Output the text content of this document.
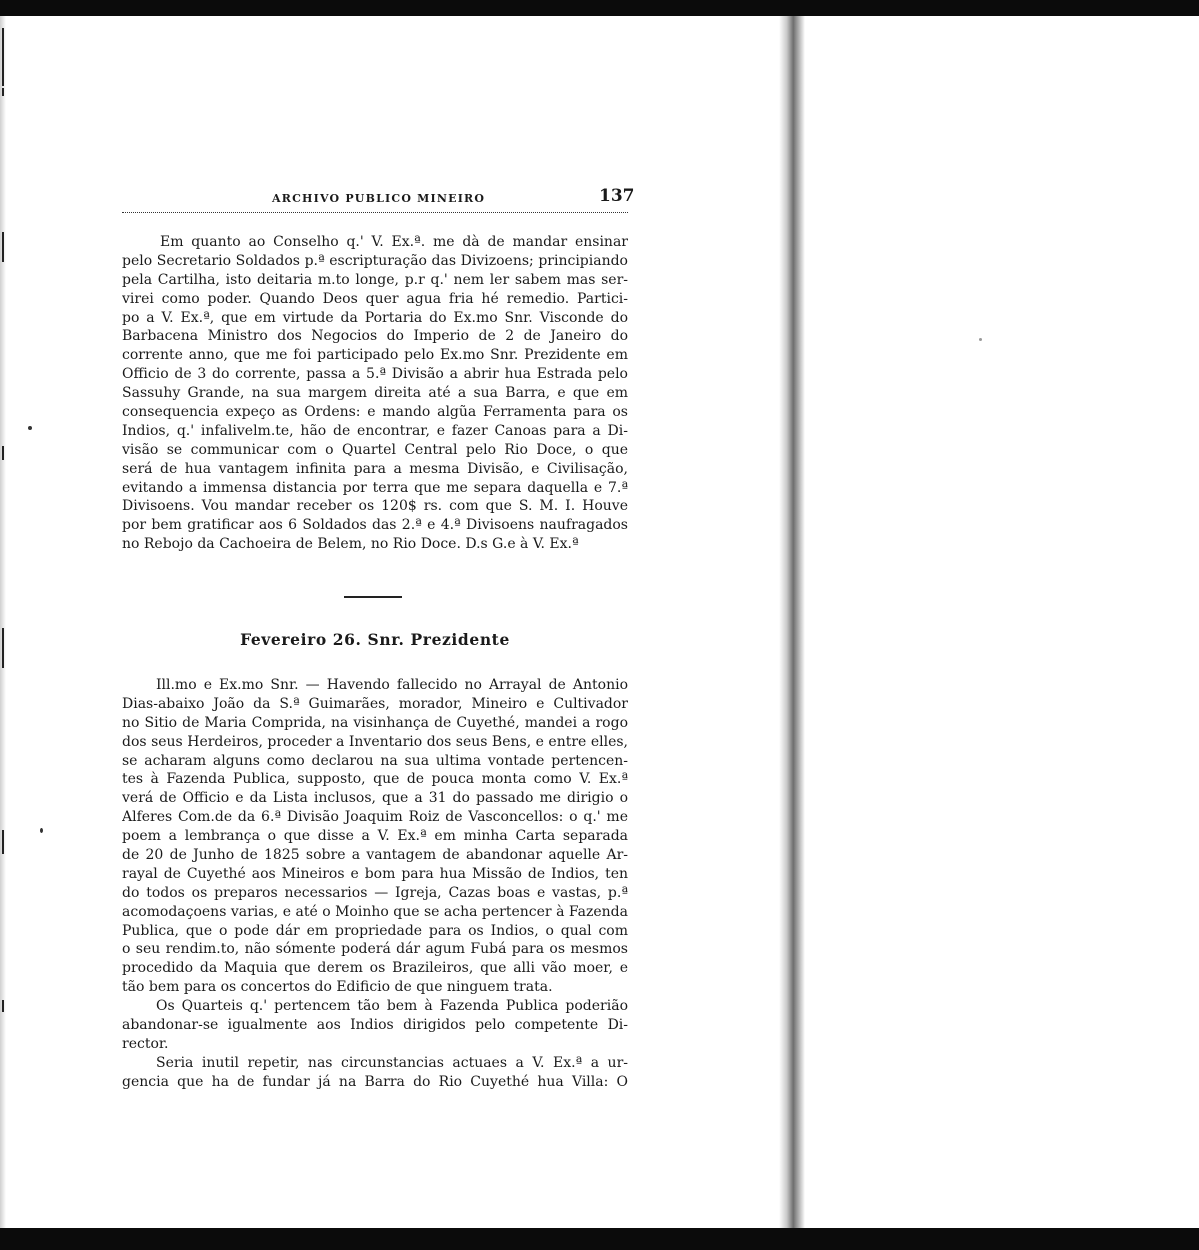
ARCHIVO PUBLICO MINEIRO	137
Em quanto ao Conselho q.' V. Ex.ª. me dà de mandar ensinar
pelo Secretario Soldados p.ª escripturação das Divizoens; principiando
pela Cartilha, isto deitaria m.to longe, p.r q.' nem ler sabem mas ser-
virei como poder. Quando Deos quer agua fria hé remedio. Partici-
po a V. Ex.ª, que em virtude da Portaria do Ex.mo Snr. Visconde do
Barbacena Ministro dos Negocios do Imperio de 2 de Janeiro do
corrente anno, que me foi participado pelo Ex.mo Snr. Prezidente em
Officio de 3 do corrente, passa a 5.ª Divisão a abrir hua Estrada pelo
Sassuhy Grande, na sua margem direita até a sua Barra, e que em
consequencia expeço as Ordens: e mando algũa Ferramenta para os
Indios, q.' infalivelm.te, hão de encontrar, e fazer Canoas para a Di-
visão se communicar com o Quartel Central pelo Rio Doce, o que
será de hua vantagem infinita para a mesma Divisão, e Civilisação,
evitando a immensa distancia por terra que me separa daquella e 7.ª
Divisoens. Vou mandar receber os 120$ rs. com que S. M. I. Houve
por bem gratificar aos 6 Soldados das 2.ª e 4.ª Divisoens naufragados
no Rebojo da Cachoeira de Belem, no Rio Doce. D.s G.e à V. Ex.ª
Fevereiro 26. Snr. Prezidente
Ill.mo e Ex.mo Snr. — Havendo fallecido no Arrayal de Antonio
Dias-abaixo João da S.ª Guimarães, morador, Mineiro e Cultivador
no Sitio de Maria Comprida, na visinhança de Cuyethé, mandei a rogo
dos seus Herdeiros, proceder a Inventario dos seus Bens, e entre elles,
se acharam alguns como declarou na sua ultima vontade pertencen-
tes à Fazenda Publica, supposto, que de pouca monta como V. Ex.ª
verá de Officio e da Lista inclusos, que a 31 do passado me dirigio o
Alferes Com.de da 6.ª Divisão Joaquim Roiz de Vasconcellos: o q.' me
poem a lembrança o que disse a V. Ex.ª em minha Carta separada
de 20 de Junho de 1825 sobre a vantagem de abandonar aquelle Ar-
rayal de Cuyethé aos Mineiros e bom para hua Missão de Indios, ten
do todos os preparos necessarios — Igreja, Cazas boas e vastas, p.ª
acomodaçoens varias, e até o Moinho que se acha pertencer à Fazenda
Publica, que o pode dár em propriedade para os Indios, o qual com
o seu rendim.to, não sómente poderá dár agum Fubá para os mesmos
procedido da Maquia que derem os Brazileiros, que alli vão moer, e
tão bem para os concertos do Edificio de que ninguem trata.
Os Quarteis q.' pertencem tão bem à Fazenda Publica poderião
abandonar-se igualmente aos Indios dirigidos pelo competente Di-
rector.
Seria inutil repetir, nas circunstancias actuaes a V. Ex.ª a ur-
gencia que ha de fundar já na Barra do Rio Cuyethé hua Villa: O
